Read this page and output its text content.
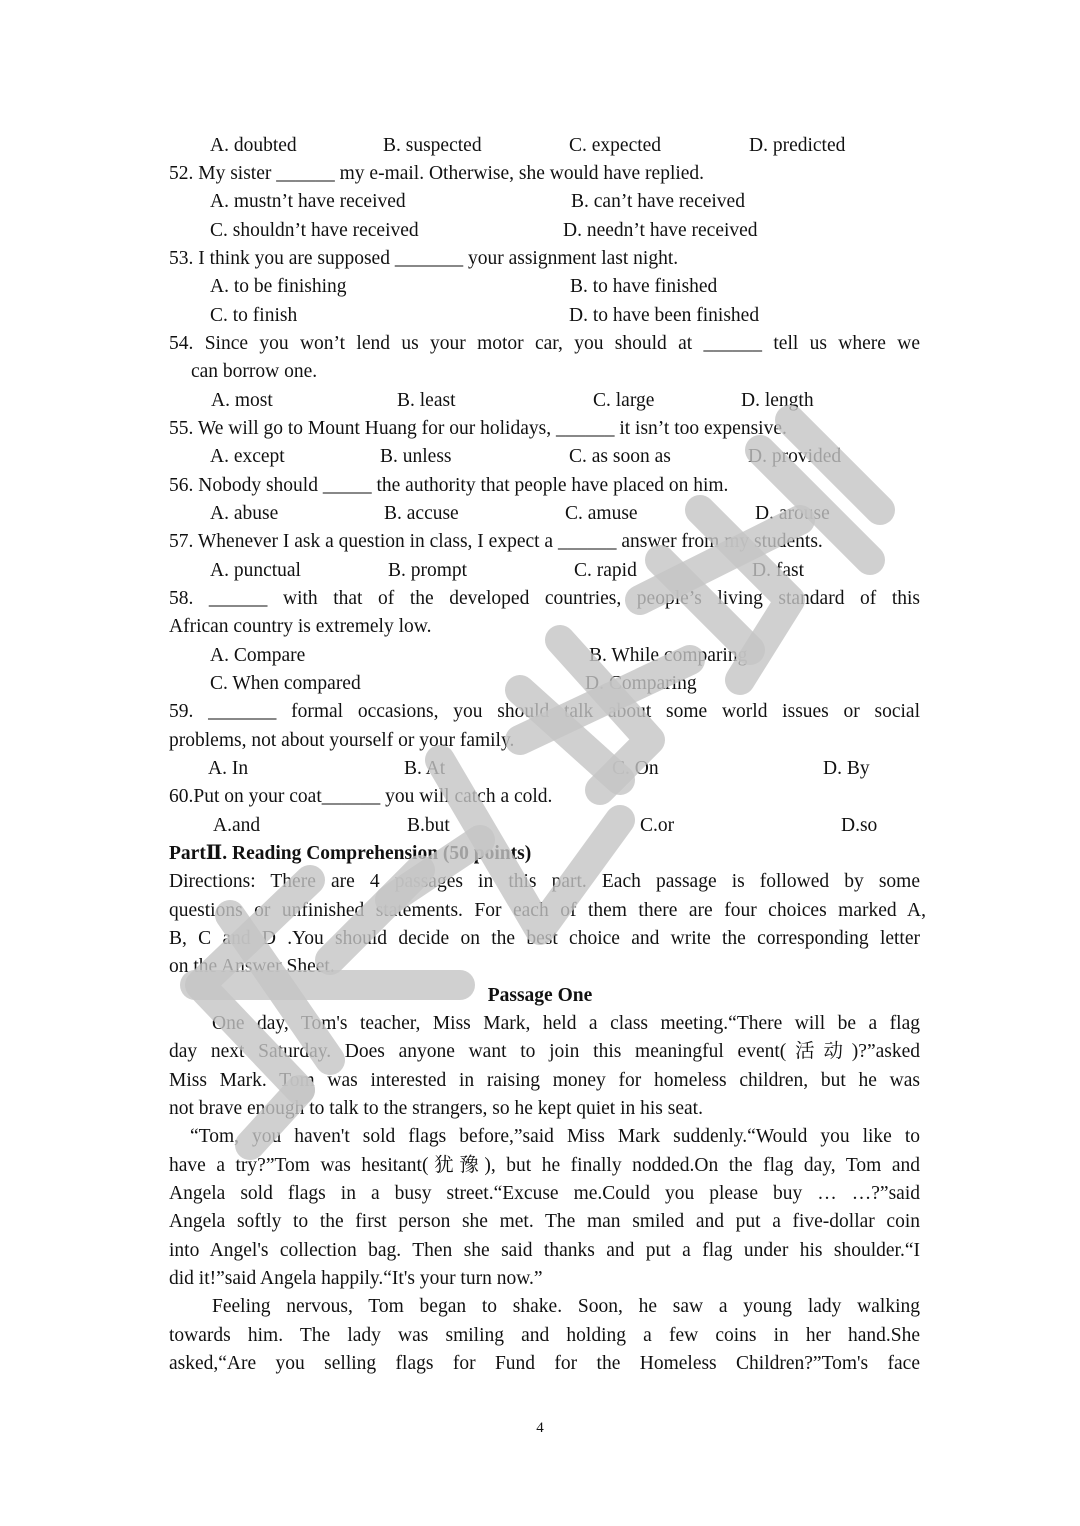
A. doubted	B. suspected	C. expected	D. predicted
52. My sister ______ my e-mail. Otherwise, she would have replied.
A. mustn’t have received	B. can’t have received
C. shouldn’t have received	D. needn’t have received
53. I think you are supposed _______ your assignment last night.
A. to be finishing	B. to have finished
C. to finish	D. to have been finished
54. Since you won’t lend us your motor car, you should at ______ tell us where we
can borrow one.
A. most	B. least	C. large	D. length
55. We will go to Mount Huang for our holidays, ______ it isn’t too expensive.
A. except	B. unless	C. as soon as	D. provided
56. Nobody should _____ the authority that people have placed on him.
A. abuse	B. accuse	C. amuse	D. arouse
57. Whenever I ask a question in class, I expect a ______ answer from my students.
A. punctual	B. prompt	C. rapid	D. fast
58. ______ with that of the developed countries, people’s living standard of this
African country is extremely low.
A. Compare	B. While comparing
C. When compared	D. Comparing
59. _______ formal occasions, you should talk about some world issues or social
problems, not about yourself or your family.
A. In	B. At	C. On	D. By
60.Put on your coat______ you will catch a cold.
A.and	B.but	C.or	D.so
PartⅡ. Reading Comprehension (50 points)
Directions: There are 4 passages in this part. Each passage is followed by some
questions or unfinished statements. For each of them there are four choices marked A,
B, C and D .You should decide on the best choice and write the corresponding letter
on the Answer Sheet.
Passage One
One day, Tom's teacher, Miss Mark, held a class meeting.“There will be a flag
day next Saturday. Does anyone want to join this meaningful event(活动)?”asked
Miss Mark. Tom was interested in raising money for homeless children, but he was
not brave enough to talk to the strangers, so he kept quiet in his seat.
“Tom, you haven't sold flags before,”said Miss Mark suddenly.“Would you like to
have a try?”Tom was hesitant(犹豫), but he finally nodded.On the flag day, Tom and
Angela sold flags in a busy street.“Excuse me.Could you please buy … …?”said
Angela softly to the first person she met. The man smiled and put a five-dollar coin
into Angel's collection bag. Then she said thanks and put a flag under his shoulder.“I
did it!”said Angela happily.“It's your turn now.”
Feeling nervous, Tom began to shake. Soon, he saw a young lady walking
towards him. The lady was smiling and holding a few coins in her hand.She
asked,“Are you selling flags for Fund for the Homeless Children?”Tom's face
4
